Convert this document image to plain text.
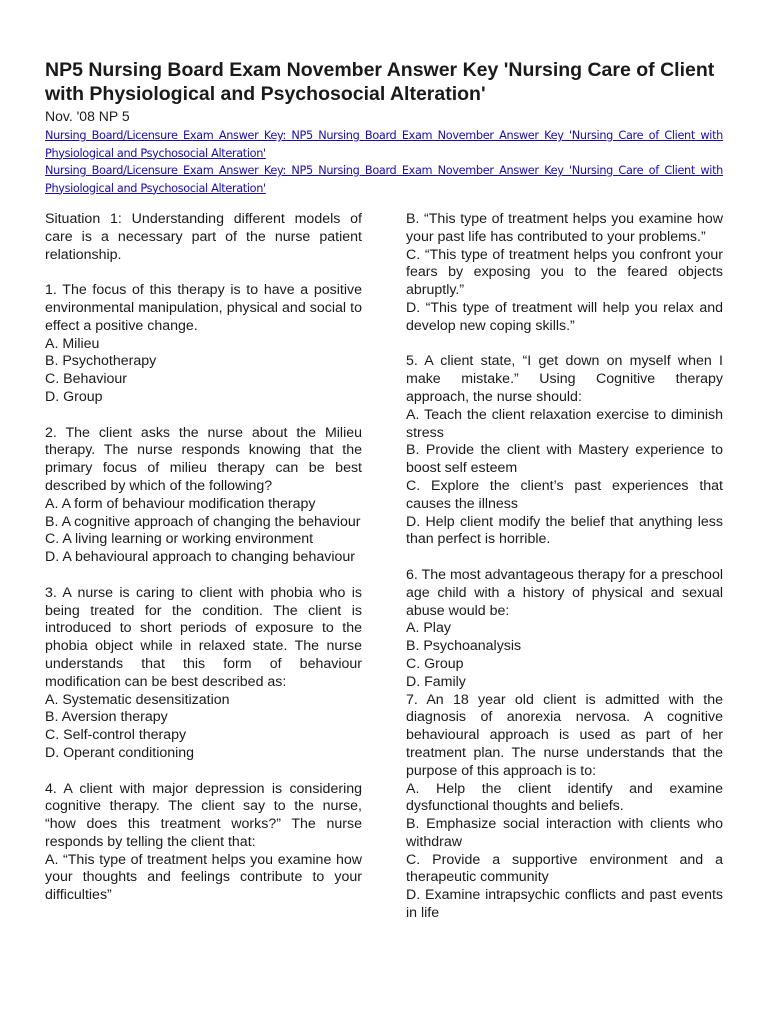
NP5 Nursing Board Exam November Answer Key 'Nursing Care of Client with Physiological and Psychosocial Alteration'
Nov. '08 NP 5
Nursing Board/Licensure Exam Answer Key: NP5 Nursing Board Exam November Answer Key 'Nursing Care of Client with Physiological and Psychosocial Alteration'
Nursing Board/Licensure Exam Answer Key: NP5 Nursing Board Exam November Answer Key 'Nursing Care of Client with Physiological and Psychosocial Alteration'

Situation 1: Understanding different models of care is a necessary part of the nurse patient relationship.

1. The focus of this therapy is to have a positive environmental manipulation, physical and social to effect a positive change.

A. Milieu

B. Psychotherapy

C. Behaviour

D. Group

2. The client asks the nurse about the Milieu therapy. The nurse responds knowing that the primary focus of milieu therapy can be best described by which of the following?

A. A form of behaviour modification therapy

B. A cognitive approach of changing the behaviour

C. A living learning or working environment

D. A behavioural approach to changing behaviour

3. A nurse is caring to client with phobia who is being treated for the condition. The client is introduced to short periods of exposure to the phobia object while in relaxed state. The nurse understands that this form of behaviour modification can be best described as:

A. Systematic desensitization

B. Aversion therapy

C. Self-control therapy

D. Operant conditioning

4. A client with major depression is considering cognitive therapy. The client say to the nurse, “how does this treatment works?” The nurse responds by telling the client that:

A. “This type of treatment helps you examine how your thoughts and feelings contribute to your difficulties”

B. “This type of treatment helps you examine how your past life has contributed to your problems.”

C. “This type of treatment helps you confront your fears by exposing you to the feared objects abruptly.”

D. “This type of treatment will help you relax and develop new coping skills.”

5. A client state, “I get down on myself when I make mistake.” Using Cognitive therapy approach, the nurse should:

A. Teach the client relaxation exercise to diminish stress

B. Provide the client with Mastery experience to boost self esteem

C. Explore the client’s past experiences that causes the illness

D. Help client modify the belief that anything less than perfect is horrible.

6. The most advantageous therapy for a preschool age child with a history of physical and sexual abuse would be:

A. Play

B. Psychoanalysis

C. Group

D. Family

7. An 18 year old client is admitted with the diagnosis of anorexia nervosa. A cognitive behavioural approach is used as part of her treatment plan. The nurse understands that the purpose of this approach is to:

A. Help the client identify and examine dysfunctional thoughts and beliefs.

B. Emphasize social interaction with clients who withdraw

C. Provide a supportive environment and a therapeutic community

D. Examine intrapsychic conflicts and past events in life
